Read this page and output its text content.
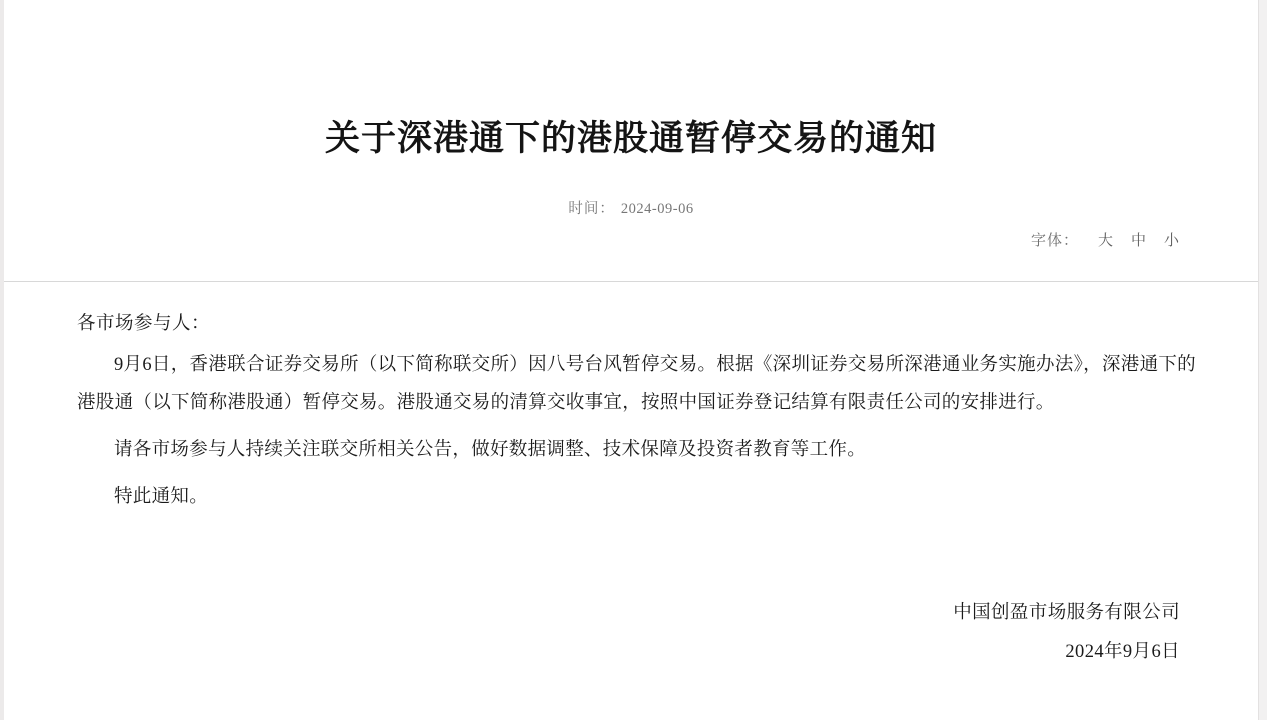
关于深港通下的港股通暂停交易的通知
时间： 2024-09-06
字体： 大 中 小
各市场参与人：

9月6日，香港联合证券交易所（以下简称联交所）因八号台风暂停交易。根据《深圳证券交易所深港通业务实施办法》，深港通下的港股通（以下简称港股通）暂停交易。港股通交易的清算交收事宜，按照中国证券登记结算有限责任公司的安排进行。

请各市场参与人持续关注联交所相关公告，做好数据调整、技术保障及投资者教育等工作。

特此通知。

中国创盈市场服务有限公司
2024年9月6日
